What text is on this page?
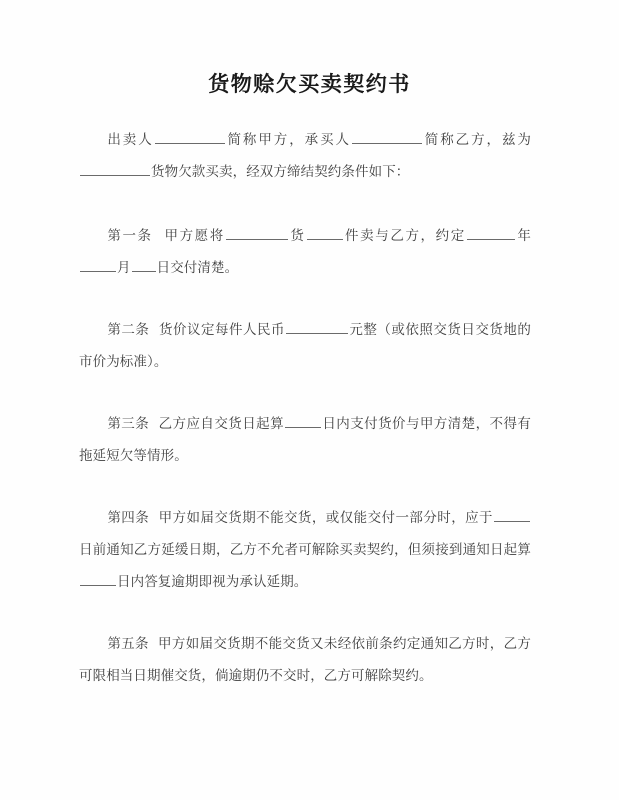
货物赊欠买卖契约书

出卖人	简称甲方，承买人	简称乙方，兹为货物欠款买卖，经双方缔结契约条件如下：

第一条 甲方愿将	货	件卖与乙方，约定	年月 日交付清楚。

第二条 货价议定每件人民币	元整（或依照交货日交货地的市价为标准）。

第三条 乙方应自交货日起算	日内支付货价与甲方清楚，不得有拖延短欠等情形。

第四条 甲方如届交货期不能交货，或仅能交付一部分时，应于日前通知乙方延缓日期，乙方不允者可解除买卖契约，但须接到通知日起算日内答复逾期即视为承认延期。

第五条 甲方如届交货期不能交货又未经依前条约定通知乙方时，乙方可限相当日期催交货，倘逾期仍不交时，乙方可解除契约。
